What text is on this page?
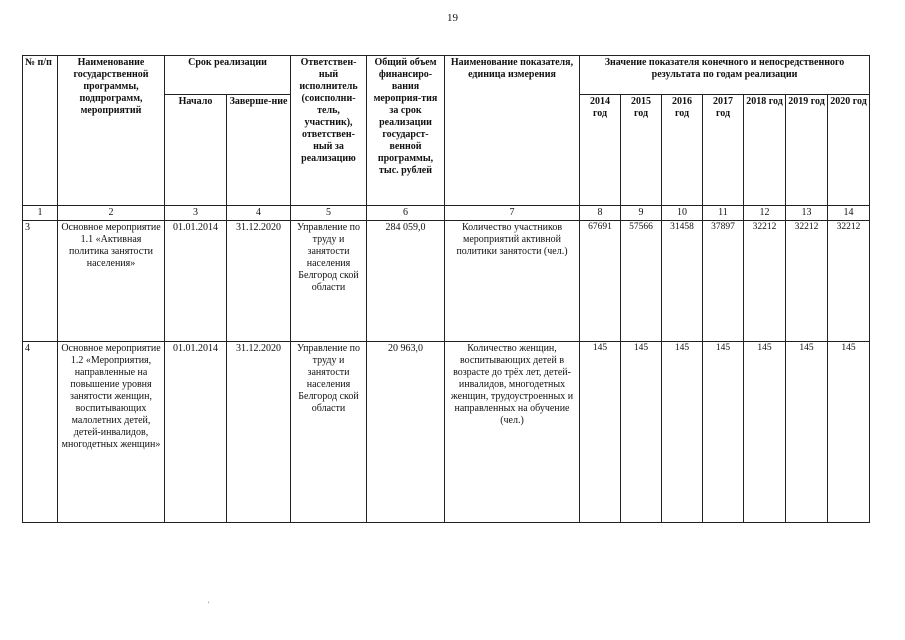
19
№ п/п	Наименование государственной программы, подпрограмм, мероприятий	Срок реализации		Ответствен-ный исполнитель (соисполни-тель, участник), ответствен-ный за реализацию	Общий объем финансиро-вания мероприя-тия за срок реализации государст-венной программы, тыс. рублей	Наименование показателя, единица измерения	Значение показателя конечного и непосредственного результата по годам реализации						
		Начало	Заверше-ние				2014 год	2015 год	2016 год	2017 год	2018 год	2019 год	2020 год
1	2	3	4	5	6	7	8	9	10	11	12	13	14
3	Основное мероприятие 1.1 «Активная политика занятости населения»	01.01.2014	31.12.2020	Управление по труду и занятости населения Белгород ской области	284 059,0	Количество участников мероприятий активной политики занятости (чел.)	67691	57566	31458	37897	32212	32212	32212
4	Основное мероприятие 1.2 «Мероприятия, направленные на повышение уровня занятости женщин, воспитывающих малолетних детей, детей-инвалидов, многодетных женщин»	01.01.2014	31.12.2020	Управление по труду и занятости населения Белгород ской области	20 963,0	Количество женщин, воспитывающих детей в возрасте до трёх лет, детей-инвалидов, многодетных женщин, трудоустроенных и направленных на обучение (чел.)	145	145	145	145	145	145	145
'
